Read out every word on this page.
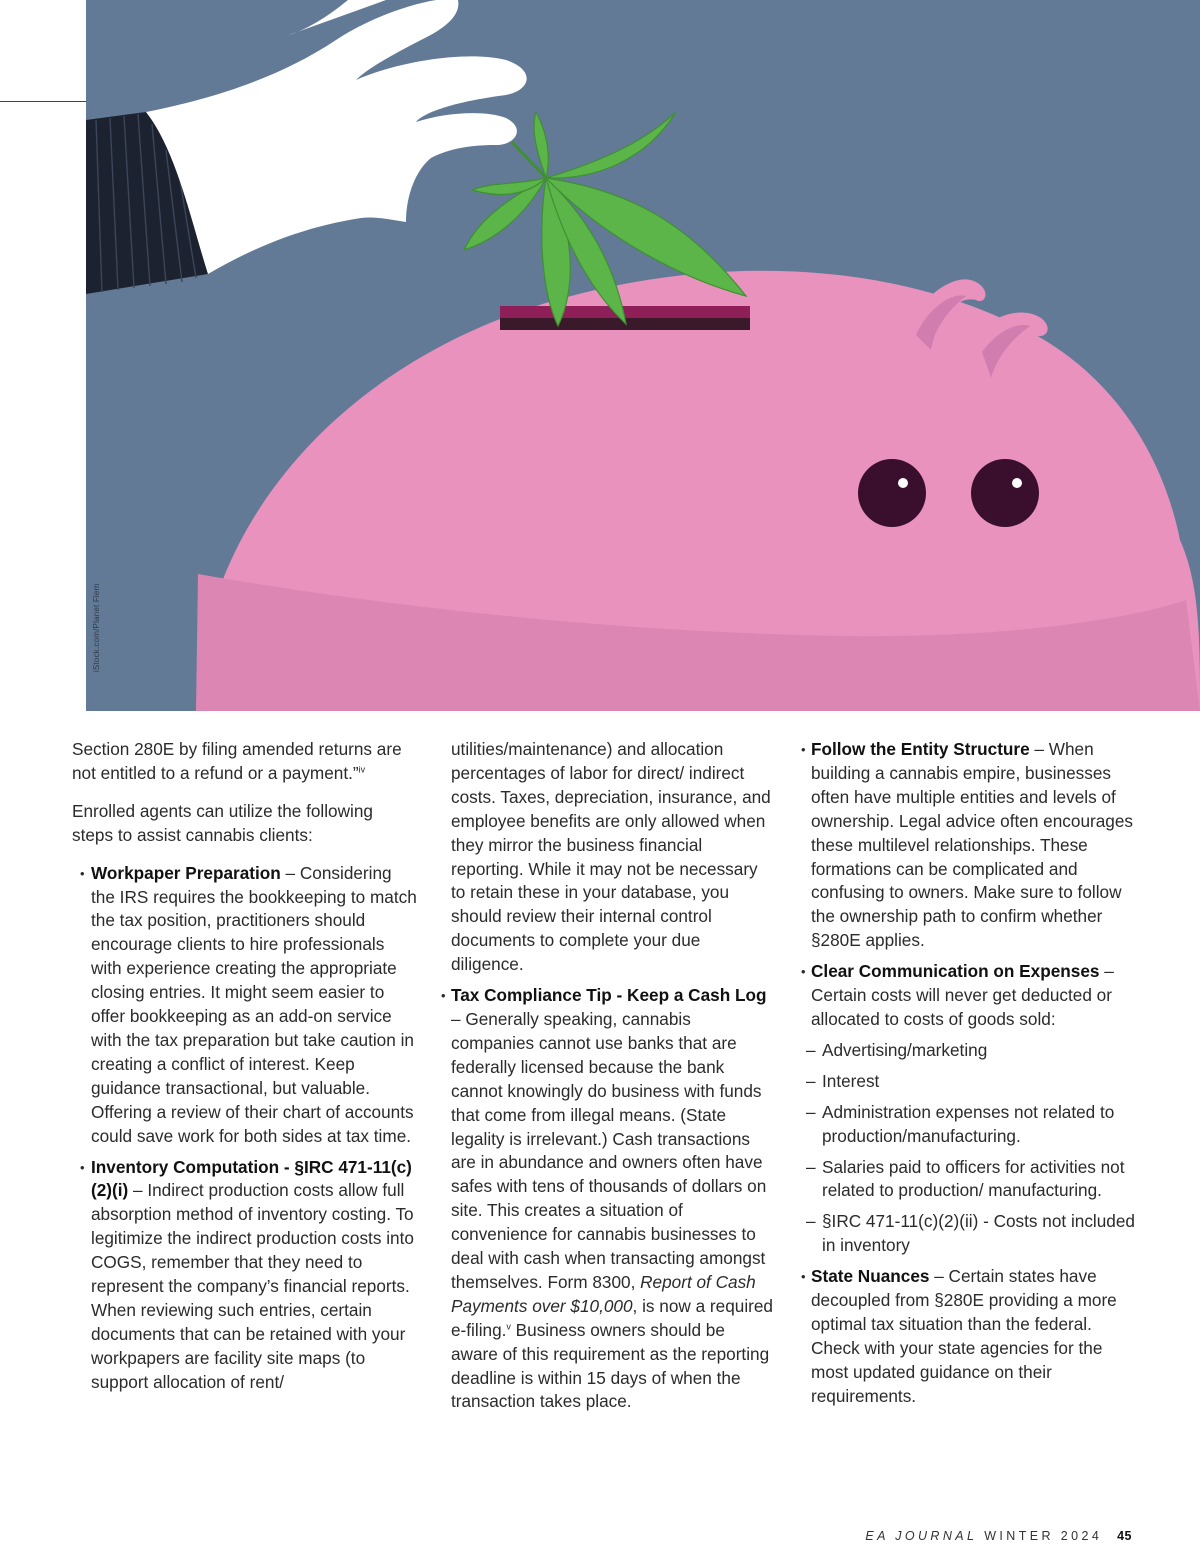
iStock.com/Planet Flem

Section 280E by filing amended returns are not entitled to a refund or a payment.”$^{iv}$

Enrolled agents can utilize the following steps to assist cannabis clients:

• Workpaper Preparation – Considering the IRS requires the bookkeeping to match the tax position, practitioners should encourage clients to hire professionals with experience creating the appropriate closing entries. It might seem easier to offer bookkeeping as an add-on service with the tax preparation but take caution in creating a conflict of interest. Keep guidance transactional, but valuable. Offering a review of their chart of accounts could save work for both sides at tax time.
• Inventory Computation - §IRC 471-11(c)(2)(i) – Indirect production costs allow full absorption method of inventory costing. To legitimize the indirect production costs into COGS, remember that they need to represent the company’s financial reports. When reviewing such entries, certain documents that can be retained with your workpapers are facility site maps (to support allocation of rent/
utilities/maintenance) and allocation percentages of labor for direct/ indirect costs. Taxes, depreciation, insurance, and employee benefits are only allowed when they mirror the business financial reporting. While it may not be necessary to retain these in your database, you should review their internal control documents to complete your due diligence.
• Tax Compliance Tip - Keep a Cash Log – Generally speaking, cannabis companies cannot use banks that are federally licensed because the bank cannot knowingly do business with funds that come from illegal means. (State legality is irrelevant.) Cash transactions are in abundance and owners often have safes with tens of thousands of dollars on site. This creates a situation of convenience for cannabis businesses to deal with cash when transacting amongst themselves. Form 8300, Report of Cash Payments over $10,000, is now a required e-filing.$^v$ Business owners should be aware of this requirement as the reporting deadline is within 15 days of when the transaction takes place.
• Follow the Entity Structure – When building a cannabis empire, businesses often have multiple entities and levels of ownership. Legal advice often encourages these multilevel relationships. These formations can be complicated and confusing to owners. Make sure to follow the ownership path to confirm whether §280E applies.
• Clear Communication on Expenses – Certain costs will never get deducted or allocated to costs of goods sold:
– Advertising/marketing
– Interest
– Administration expenses not related to production/manufacturing.
– Salaries paid to officers for activities not related to production/ manufacturing.
– §IRC 471-11(c)(2)(ii) - Costs not included in inventory
• State Nuances – Certain states have decoupled from §280E providing a more optimal tax situation than the federal. Check with your state agencies for the most updated guidance on their requirements.
EA JOURNAL WINTER 2024 45
